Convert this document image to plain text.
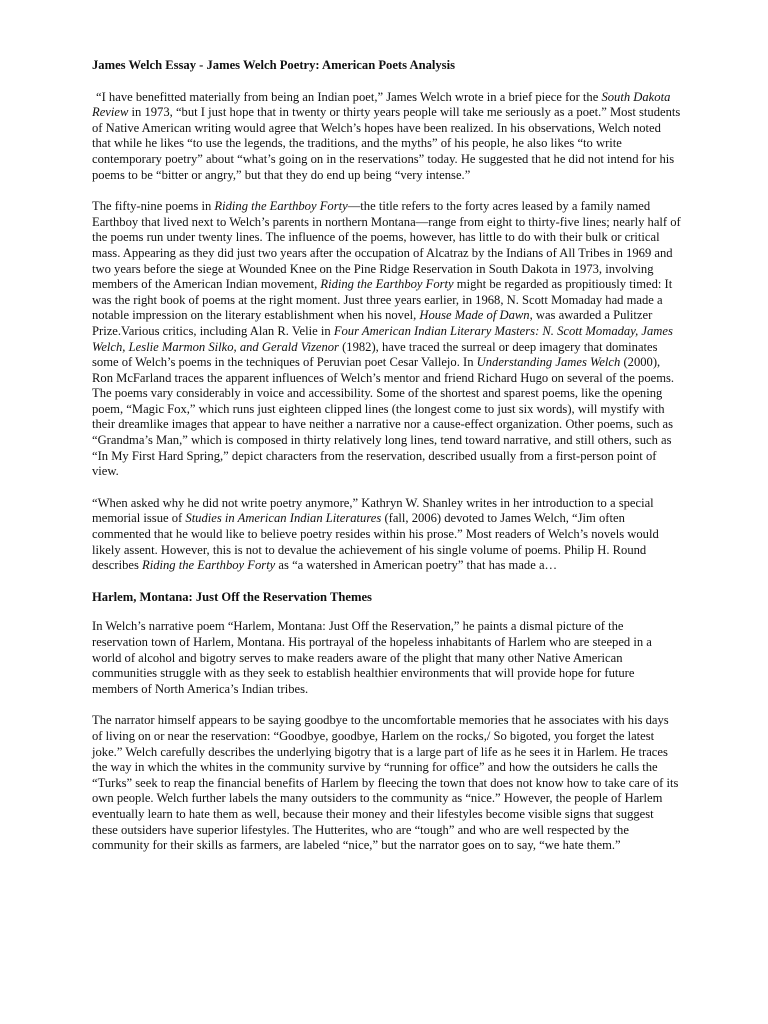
James Welch Essay - James Welch Poetry: American Poets Analysis

“I have benefitted materially from being an Indian poet,” James Welch wrote in a brief piece for the South Dakota Review in 1973, “but I just hope that in twenty or thirty years people will take me seriously as a poet.” Most students of Native American writing would agree that Welch’s hopes have been realized. In his observations, Welch noted that while he likes “to use the legends, the traditions, and the myths” of his people, he also likes “to write contemporary poetry” about “what’s going on in the reservations” today. He suggested that he did not intend for his poems to be “bitter or angry,” but that they do end up being “very intense.”

The fifty-nine poems in Riding the Earthboy Forty—the title refers to the forty acres leased by a family named Earthboy that lived next to Welch’s parents in northern Montana—range from eight to thirty-five lines; nearly half of the poems run under twenty lines. The influence of the poems, however, has little to do with their bulk or critical mass. Appearing as they did just two years after the occupation of Alcatraz by the Indians of All Tribes in 1969 and two years before the siege at Wounded Knee on the Pine Ridge Reservation in South Dakota in 1973, involving members of the American Indian movement, Riding the Earthboy Forty might be regarded as propitiously timed: It was the right book of poems at the right moment. Just three years earlier, in 1968, N. Scott Momaday had made a notable impression on the literary establishment when his novel, House Made of Dawn, was awarded a Pulitzer Prize.Various critics, including Alan R. Velie in Four American Indian Literary Masters: N. Scott Momaday, James Welch, Leslie Marmon Silko, and Gerald Vizenor (1982), have traced the surreal or deep imagery that dominates some of Welch’s poems in the techniques of Peruvian poet Cesar Vallejo. In Understanding James Welch (2000), Ron McFarland traces the apparent influences of Welch’s mentor and friend Richard Hugo on several of the poems. The poems vary considerably in voice and accessibility. Some of the shortest and sparest poems, like the opening poem, “Magic Fox,” which runs just eighteen clipped lines (the longest come to just six words), will mystify with their dreamlike images that appear to have neither a narrative nor a cause-effect organization. Other poems, such as “Grandma’s Man,” which is composed in thirty relatively long lines, tend toward narrative, and still others, such as “In My First Hard Spring,” depict characters from the reservation, described usually from a first-person point of view.

“When asked why he did not write poetry anymore,” Kathryn W. Shanley writes in her introduction to a special memorial issue of Studies in American Indian Literatures (fall, 2006) devoted to James Welch, “Jim often commented that he would like to believe poetry resides within his prose.” Most readers of Welch’s novels would likely assent. However, this is not to devalue the achievement of his single volume of poems. Philip H. Round describes Riding the Earthboy Forty as “a watershed in American poetry” that has made a…

Harlem, Montana: Just Off the Reservation Themes

In Welch’s narrative poem “Harlem, Montana: Just Off the Reservation,” he paints a dismal picture of the reservation town of Harlem, Montana. His portrayal of the hopeless inhabitants of Harlem who are steeped in a world of alcohol and bigotry serves to make readers aware of the plight that many other Native American communities struggle with as they seek to establish healthier environments that will provide hope for future members of North America’s Indian tribes.

The narrator himself appears to be saying goodbye to the uncomfortable memories that he associates with his days of living on or near the reservation: “Goodbye, goodbye, Harlem on the rocks,/ So bigoted, you forget the latest joke.” Welch carefully describes the underlying bigotry that is a large part of life as he sees it in Harlem. He traces the way in which the whites in the community survive by “running for office” and how the outsiders he calls the “Turks” seek to reap the financial benefits of Harlem by fleecing the town that does not know how to take care of its own people. Welch further labels the many outsiders to the community as “nice.” However, the people of Harlem eventually learn to hate them as well, because their money and their lifestyles become visible signs that suggest these outsiders have superior lifestyles. The Hutterites, who are “tough” and who are well respected by the community for their skills as farmers, are labeled “nice,” but the narrator goes on to say, “we hate them.”
